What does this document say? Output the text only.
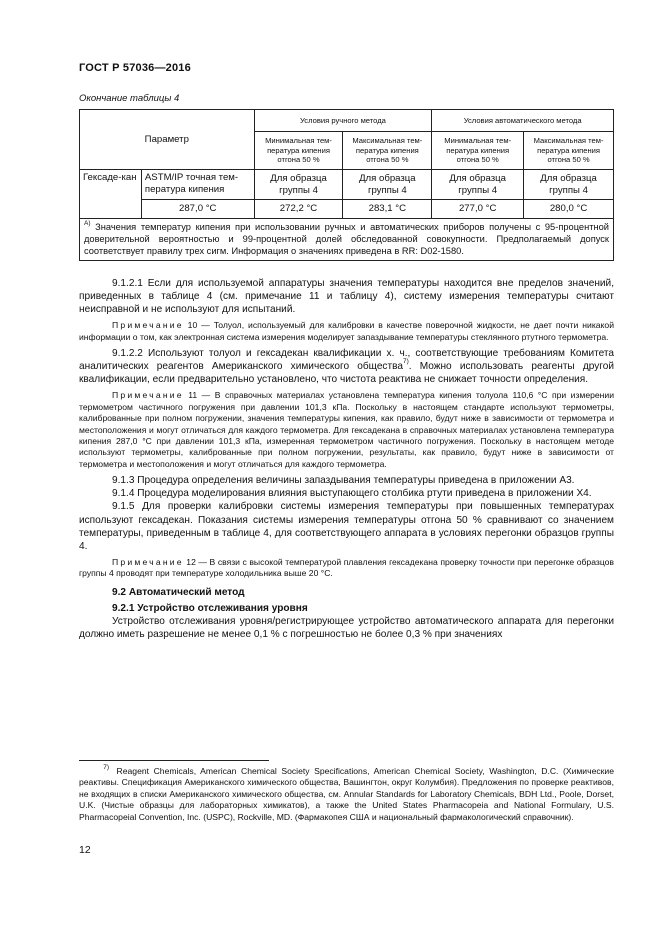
ГОСТ Р 57036—2016
Окончание таблицы 4
Параметр		Условия ручного метода		Условия автоматического метода	
		Минимальная тем-пература кипения отгона 50 %	Максимальная тем-пература кипения отгона 50 %	Минимальная тем-пература кипения отгона 50 %	Максимальная тем-пература кипения отгона 50 %
Гексаде-кан	ASTM/IP точная тем-пература кипения	Для образца группы 4	Для образца группы 4	Для образца группы 4	Для образца группы 4
	287,0 °C	272,2 °C	283,1 °C	277,0 °C	280,0 °C
$^{A)}$ Значения температур кипения при использовании ручных и автоматических приборов получены с 95-процентной доверительной вероятностью и 99-процентной долей обследованной совокупности. Предполагаемый допуск соответствует правилу трех сигм. Информация о значениях приведена в RR: D02-1580.					

9.1.2.1 Если для используемой аппаратуры значения температуры находится вне пределов значений, приведенных в таблице 4 (см. примечание 11 и таблицу 4), систему измерения температуры считают неисправной и не используют для испытаний.

Примечание 10 — Толуол, используемый для калибровки в качестве поверочной жидкости, не дает почти никакой информации о том, как электронная система измерения моделирует запаздывание температуры стеклянного ртутного термометра.

9.1.2.2 Используют толуол и гексадекан квалификации х. ч., соответствующие требованиям Комитета аналитических реагентов Американского химического общества$^{7)}$. Можно использовать реагенты другой квалификации, если предварительно установлено, что чистота реактива не снижает точности определения.

Примечание 11 — В справочных материалах установлена температура кипения толуола 110,6 °C при измерении термометром частичного погружения при давлении 101,3 кПа. Поскольку в настоящем стандарте используют термометры, калиброванные при полном погружении, значения температуры кипения, как правило, будут ниже в зависимости от термометра и местоположения и могут отличаться для каждого термометра. Для гексадекана в справочных материалах установлена температура кипения 287,0 °C при давлении 101,3 кПа, измеренная термометром частичного погружения. Поскольку в настоящем методе используют термометры, калиброванные при полном погружении, результаты, как правило, будут ниже в зависимости от термометра и местоположения и могут отличаться для каждого термометра.

9.1.3 Процедура определения величины запаздывания температуры приведена в приложении А3.

9.1.4 Процедура моделирования влияния выступающего столбика ртути приведена в приложении Х4.

9.1.5 Для проверки калибровки системы измерения температуры при повышенных температурах используют гексадекан. Показания системы измерения температуры отгона 50 % сравнивают со значением температуры, приведенным в таблице 4, для соответствующего аппарата в условиях перегонки образцов группы 4.

Примечание 12 — В связи с высокой температурой плавления гексадекана проверку точности при перегонке образцов группы 4 проводят при температуре холодильника выше 20 °C.

9.2 Автоматический метод

9.2.1 Устройство отслеживания уровня

Устройство отслеживания уровня/регистрирующее устройство автоматического аппарата для перегонки должно иметь разрешение не менее 0,1 % с погрешностью не более 0,3 % при значениях

$^{7)}$ Reagent Chemicals, American Chemical Society Specifications, American Chemical Society, Washington, D.C. (Химические реактивы. Спецификация Американского химического общества, Вашингтон, округ Колумбия). Предложения по проверке реактивов, не входящих в списки Американского химического общества, см. Annular Standards for Laboratory Chemicals, BDH Ltd., Poole, Dorset, U.K. (Чистые образцы для лабораторных химикатов), а также the United States Pharmacopeia and National Formulary, U.S. Pharmacopeial Convention, Inc. (USPC), Rockville, MD. (Фармакопея США и национальный фармакологический справочник).
12
